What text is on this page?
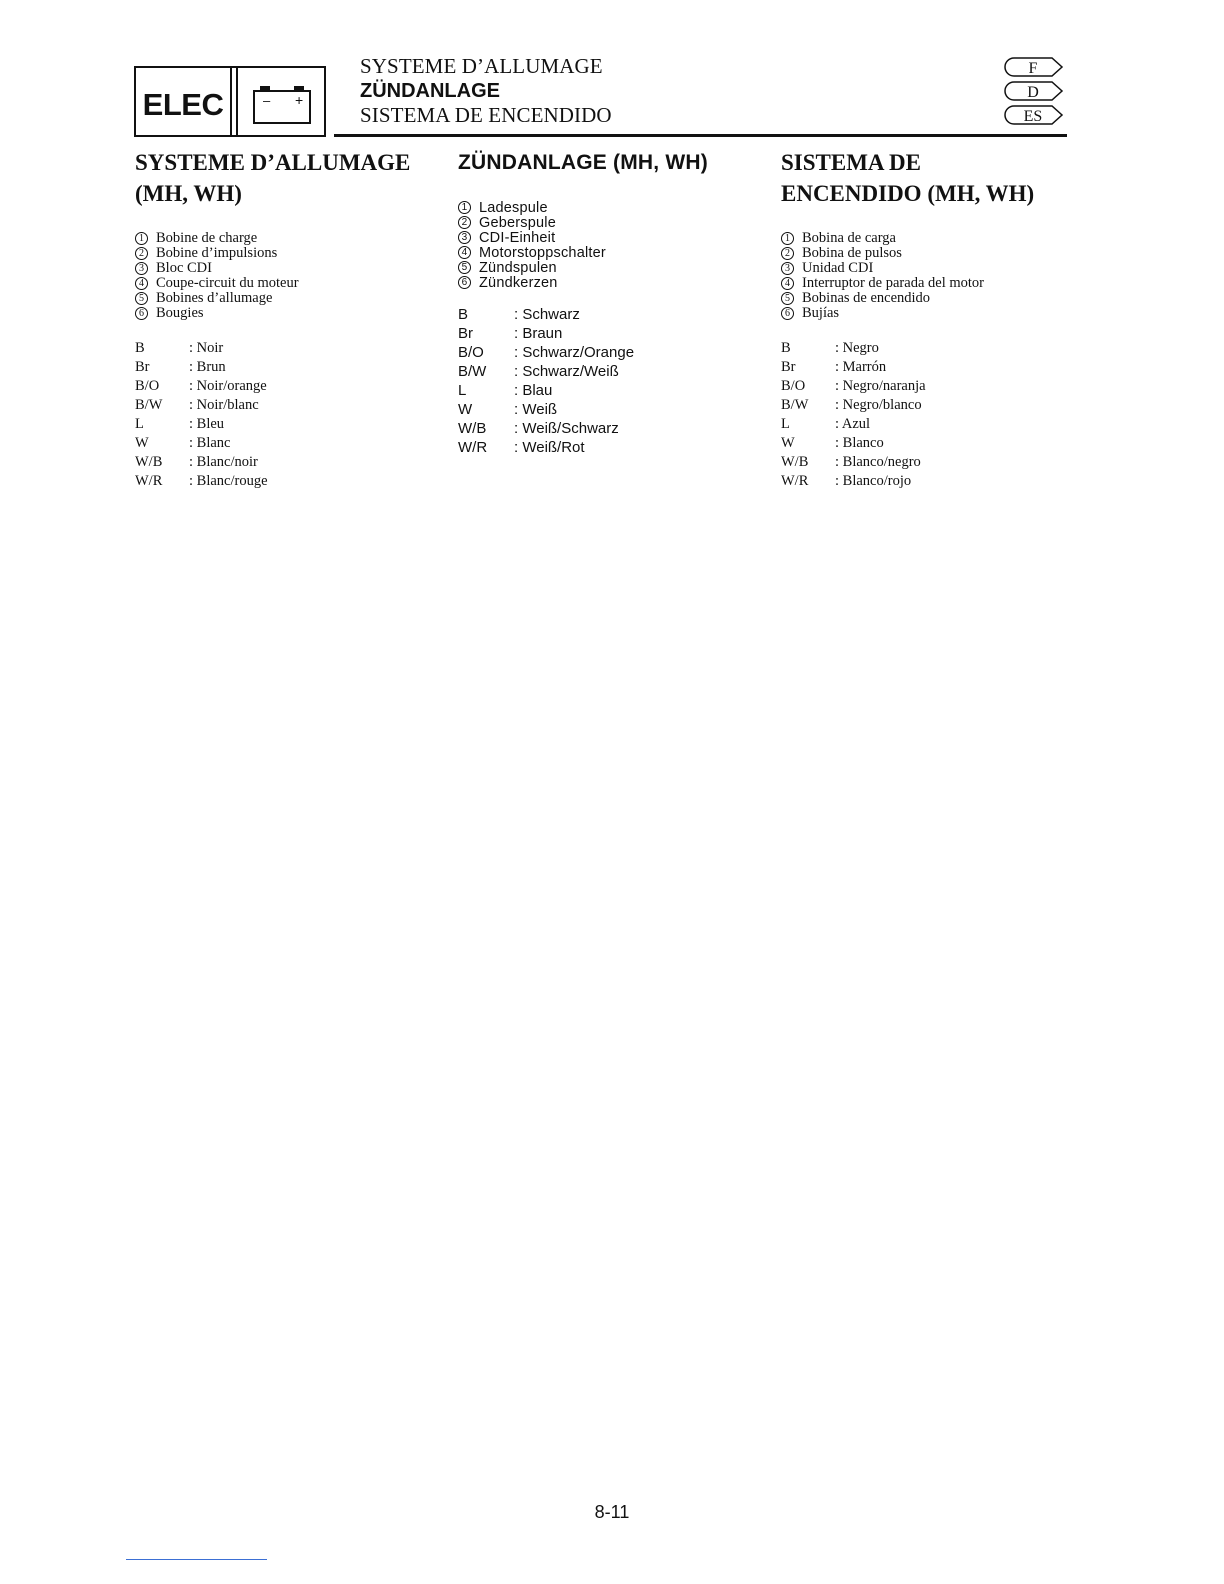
ELEC	– +
SYSTEME D’ALLUMAGE
ZÜNDANLAGE
SISTEMA DE ENCENDIDO
F
D
ES
SYSTEME D’ALLUMAGE
(MH, WH)
1 Bobine de charge
2 Bobine d’impulsions
3 Bloc CDI
4 Coupe-circuit du moteur
5 Bobines d’allumage
6 Bougies
B	: Noir
Br	: Brun
B/O	: Noir/orange
B/W	: Noir/blanc
L	: Bleu
W	: Blanc
W/B	: Blanc/noir
W/R	: Blanc/rouge
ZÜNDANLAGE (MH, WH)
1 Ladespule
2 Geberspule
3 CDI-Einheit
4 Motorstoppschalter
5 Zündspulen
6 Zündkerzen
B	: Schwarz
Br	: Braun
B/O	: Schwarz/Orange
B/W	: Schwarz/Weiß
L	: Blau
W	: Weiß
W/B	: Weiß/Schwarz
W/R	: Weiß/Rot
SISTEMA DE
ENCENDIDO (MH, WH)
1 Bobina de carga
2 Bobina de pulsos
3 Unidad CDI
4 Interruptor de parada del motor
5 Bobinas de encendido
6 Bujías
B	: Negro
Br	: Marrón
B/O	: Negro/naranja
B/W	: Negro/blanco
L	: Azul
W	: Blanco
W/B	: Blanco/negro
W/R	: Blanco/rojo
8-11
